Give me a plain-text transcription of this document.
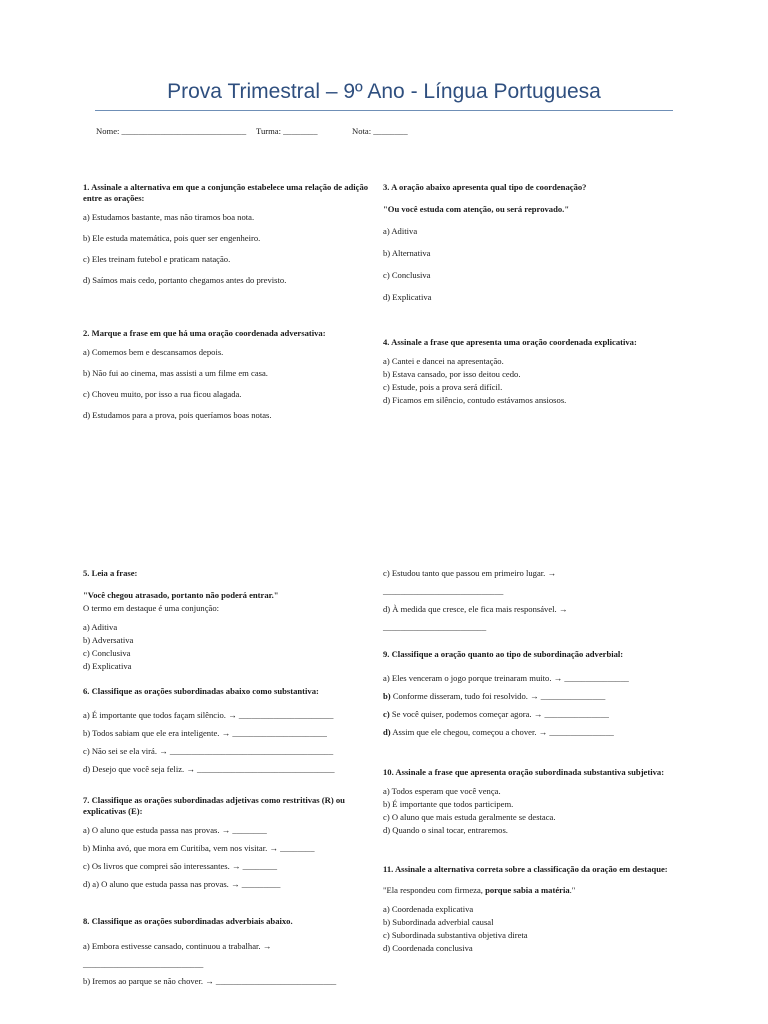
Prova Trimestral – 9º Ano - Língua Portuguesa
Nome: _____________________________ Turma: ________	Nota: ________

1. Assinale a alternativa em que a conjunção estabelece uma relação de adição entre as orações:

a) Estudamos bastante, mas não tiramos boa nota.

b) Ele estuda matemática, pois quer ser engenheiro.

c) Eles treinam futebol e praticam natação.

d) Saímos mais cedo, portanto chegamos antes do previsto.

2. Marque a frase em que há uma oração coordenada adversativa:

a) Comemos bem e descansamos depois.

b) Não fui ao cinema, mas assisti a um filme em casa.

c) Choveu muito, por isso a rua ficou alagada.

d) Estudamos para a prova, pois queríamos boas notas.

3. A oração abaixo apresenta qual tipo de coordenação?

"Ou você estuda com atenção, ou será reprovado."

a) Aditiva

b) Alternativa

c) Conclusiva

d) Explicativa

4. Assinale a frase que apresenta uma oração coordenada explicativa:

a) Cantei e dancei na apresentação.

b) Estava cansado, por isso deitou cedo.

c) Estude, pois a prova será difícil.

d) Ficamos em silêncio, contudo estávamos ansiosos.

5. Leia a frase:

"Você chegou atrasado, portanto não poderá entrar."

O termo em destaque é uma conjunção:

a) Aditiva

b) Adversativa

c) Conclusiva

d) Explicativa

6. Classifique as orações subordinadas abaixo como substantiva:

a) É importante que todos façam silêncio. → ______________________

b) Todos sabiam que ele era inteligente. → ______________________

c) Não sei se ela virá. → ______________________________________

d) Desejo que você seja feliz. → ________________________________

7. Classifique as orações subordinadas adjetivas como restritivas (R) ou explicativas (E):

a) O aluno que estuda passa nas provas. → ________

b) Minha avó, que mora em Curitiba, vem nos visitar. → ________

c) Os livros que comprei são interessantes. → ________

d) a) O aluno que estuda passa nas provas. → _________

8. Classifique as orações subordinadas adverbiais abaixo.

a) Embora estivesse cansado, continuou a trabalhar. →

____________________________

b) Iremos ao parque se não chover. → ____________________________

c) Estudou tanto que passou em primeiro lugar. →

____________________________

d) À medida que cresce, ele fica mais responsável. →

________________________

9. Classifique a oração quanto ao tipo de subordinação adverbial:

a) Eles venceram o jogo porque treinaram muito. → _______________

b) Conforme disseram, tudo foi resolvido. → _______________

c) Se você quiser, podemos começar agora. → _______________

d) Assim que ele chegou, começou a chover. → _______________

10. Assinale a frase que apresenta oração subordinada substantiva subjetiva:

a) Todos esperam que você vença.

b) É importante que todos participem.

c) O aluno que mais estuda geralmente se destaca.

d) Quando o sinal tocar, entraremos.

11. Assinale a alternativa correta sobre a classificação da oração em destaque:

"Ela respondeu com firmeza, porque sabia a matéria."

a) Coordenada explicativa

b) Subordinada adverbial causal

c) Subordinada substantiva objetiva direta

d) Coordenada conclusiva
